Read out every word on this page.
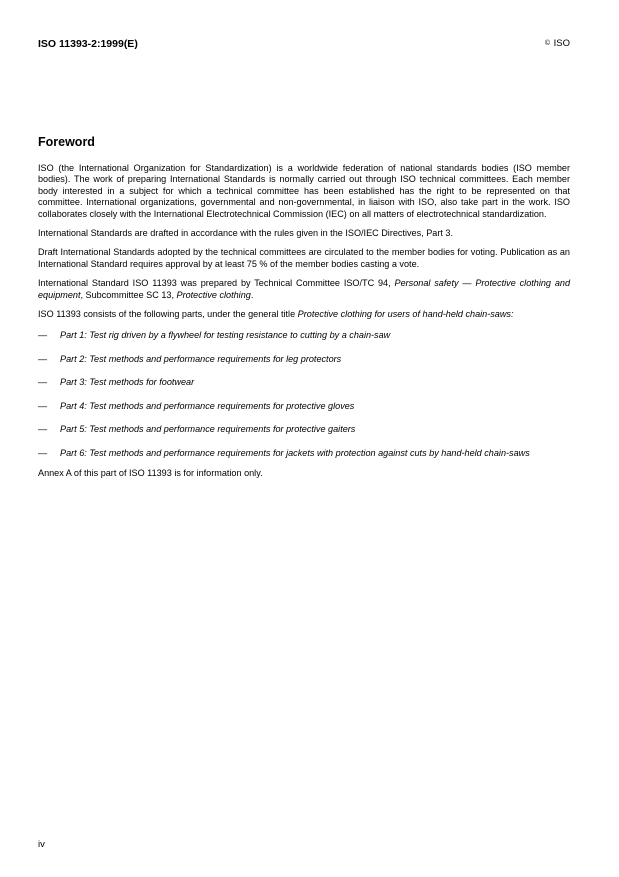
ISO 11393-2:1999(E)	© ISO
Foreword

ISO (the International Organization for Standardization) is a worldwide federation of national standards bodies (ISO member bodies). The work of preparing International Standards is normally carried out through ISO technical committees. Each member body interested in a subject for which a technical committee has been established has the right to be represented on that committee. International organizations, governmental and non-governmental, in liaison with ISO, also take part in the work. ISO collaborates closely with the International Electrotechnical Commission (IEC) on all matters of electrotechnical standardization.

International Standards are drafted in accordance with the rules given in the ISO/IEC Directives, Part 3.

Draft International Standards adopted by the technical committees are circulated to the member bodies for voting. Publication as an International Standard requires approval by at least 75 % of the member bodies casting a vote.

International Standard ISO 11393 was prepared by Technical Committee ISO/TC 94, Personal safety — Protective clothing and equipment, Subcommittee SC 13, Protective clothing.

ISO 11393 consists of the following parts, under the general title Protective clothing for users of hand-held chain-saws:

—	Part 1: Test rig driven by a flywheel for testing resistance to cutting by a chain-saw
—	Part 2: Test methods and performance requirements for leg protectors
—	Part 3: Test methods for footwear
—	Part 4: Test methods and performance requirements for protective gloves
—	Part 5: Test methods and performance requirements for protective gaiters
—	Part 6: Test methods and performance requirements for jackets with protection against cuts by hand-held chain-saws

Annex A of this part of ISO 11393 is for information only.

iv
